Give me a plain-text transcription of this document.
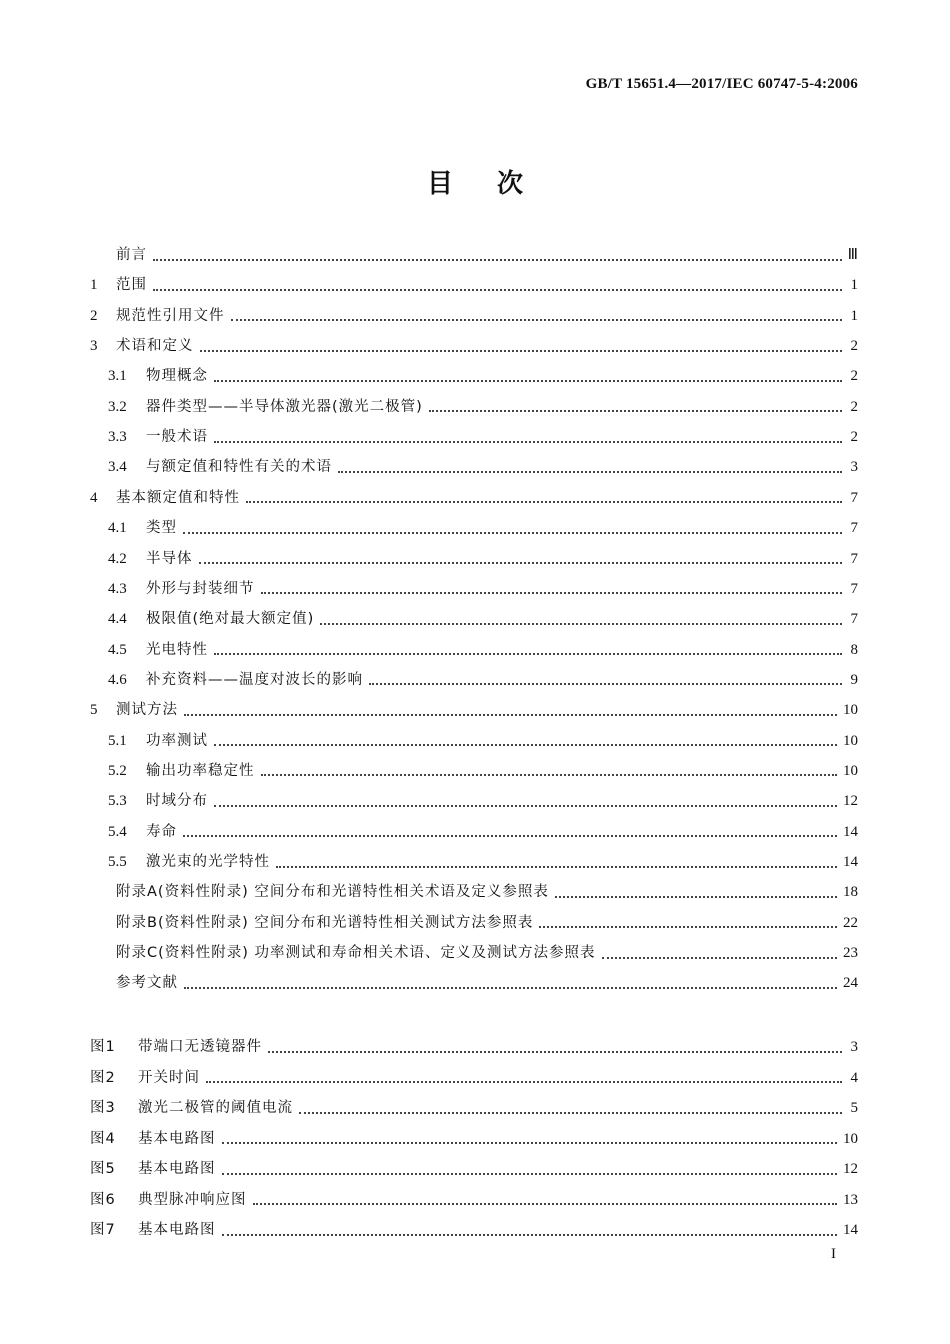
GB/T 15651.4—2017/IEC 60747-5-4:2006
目次
前言	Ⅲ
1	范围	1
2	规范性引用文件	1
3	术语和定义	2
3.1	物理概念	2
3.2	器件类型——半导体激光器(激光二极管)	2
3.3	一般术语	2
3.4	与额定值和特性有关的术语	3
4	基本额定值和特性	7
4.1	类型	7
4.2	半导体	7
4.3	外形与封装细节	7
4.4	极限值(绝对最大额定值)	7
4.5	光电特性	8
4.6	补充资料——温度对波长的影响	9
5	测试方法	10
5.1	功率测试	10
5.2	输出功率稳定性	10
5.3	时域分布	12
5.4	寿命	14
5.5	激光束的光学特性	14
附录A(资料性附录) 空间分布和光谱特性相关术语及定义参照表	18
附录B(资料性附录) 空间分布和光谱特性相关测试方法参照表	22
附录C(资料性附录) 功率测试和寿命相关术语、定义及测试方法参照表	23
参考文献	24
图1	带端口无透镜器件	3
图2	开关时间	4
图3	激光二极管的阈值电流	5
图4	基本电路图	10
图5	基本电路图	12
图6	典型脉冲响应图	13
图7	基本电路图	14
I
